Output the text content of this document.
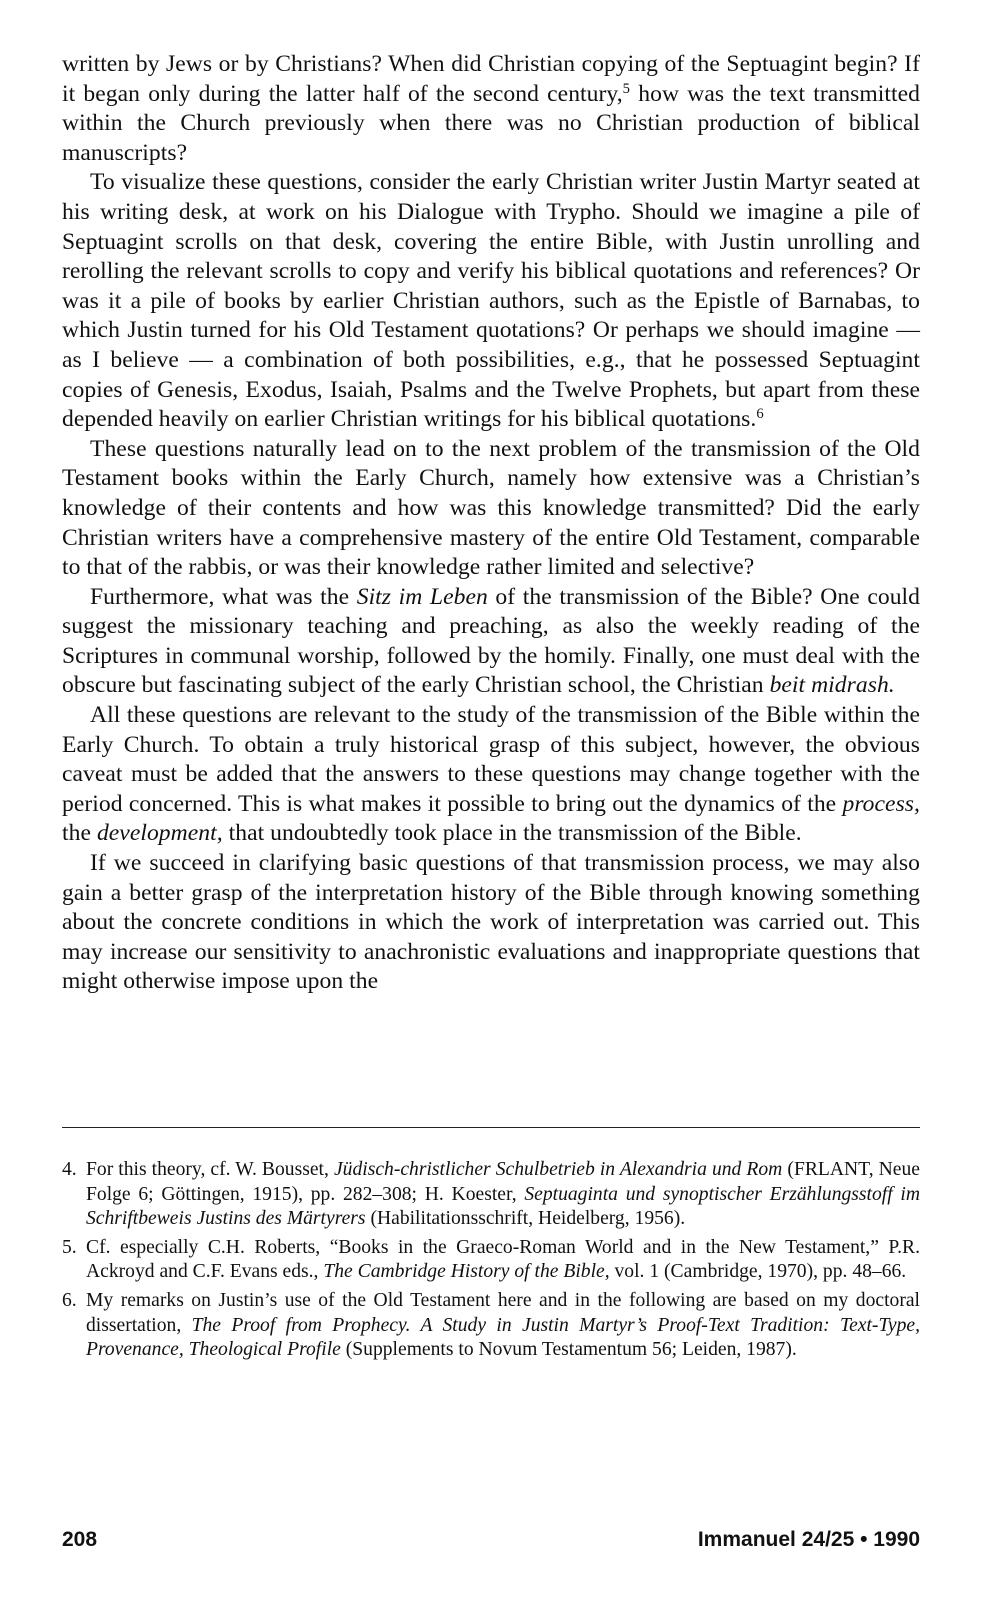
written by Jews or by Christians? When did Christian copying of the Septuagint begin? If it began only during the latter half of the second century,$^5$ how was the text transmitted within the Church previously when there was no Christian production of biblical manuscripts?

To visualize these questions, consider the early Christian writer Justin Martyr seated at his writing desk, at work on his Dialogue with Trypho. Should we imagine a pile of Septuagint scrolls on that desk, covering the entire Bible, with Justin unrolling and rerolling the relevant scrolls to copy and verify his biblical quotations and references? Or was it a pile of books by earlier Christian authors, such as the Epistle of Barnabas, to which Justin turned for his Old Testament quotations? Or perhaps we should imagine — as I believe — a combination of both possibilities, e.g., that he possessed Septuagint copies of Genesis, Exodus, Isaiah, Psalms and the Twelve Prophets, but apart from these depended heavily on earlier Christian writings for his biblical quotations.$^6$

These questions naturally lead on to the next problem of the transmission of the Old Testament books within the Early Church, namely how extensive was a Christian’s knowledge of their contents and how was this knowledge transmitted? Did the early Christian writers have a comprehensive mastery of the entire Old Testament, comparable to that of the rabbis, or was their knowledge rather limited and selective?

Furthermore, what was the Sitz im Leben of the transmission of the Bible? One could suggest the missionary teaching and preaching, as also the weekly reading of the Scriptures in communal worship, followed by the homily. Finally, one must deal with the obscure but fascinating subject of the early Christian school, the Christian beit midrash.

All these questions are relevant to the study of the transmission of the Bible within the Early Church. To obtain a truly historical grasp of this subject, however, the obvious caveat must be added that the answers to these questions may change together with the period concerned. This is what makes it possible to bring out the dynamics of the process, the development, that undoubtedly took place in the transmission of the Bible.

If we succeed in clarifying basic questions of that transmission process, we may also gain a better grasp of the interpretation history of the Bible through knowing something about the concrete conditions in which the work of interpretation was carried out. This may increase our sensitivity to anachronistic evaluations and inappropriate questions that might otherwise impose upon the

4. For this theory, cf. W. Bousset, Jüdisch-christlicher Schulbetrieb in Alexandria und Rom (FRLANT, Neue Folge 6; Göttingen, 1915), pp. 282–308; H. Koester, Septuaginta und synoptischer Erzählungsstoff im Schriftbeweis Justins des Märtyrers (Habilitationsschrift, Heidelberg, 1956).
5. Cf. especially C.H. Roberts, “Books in the Graeco-Roman World and in the New Testament,” P.R. Ackroyd and C.F. Evans eds., The Cambridge History of the Bible, vol. 1 (Cambridge, 1970), pp. 48–66.
6. My remarks on Justin’s use of the Old Testament here and in the following are based on my doctoral dissertation, The Proof from Prophecy. A Study in Justin Martyr’s Proof-Text Tradition: Text-Type, Provenance, Theological Profile (Supplements to Novum Testamentum 56; Leiden, 1987).
208	Immanuel 24/25 • 1990
